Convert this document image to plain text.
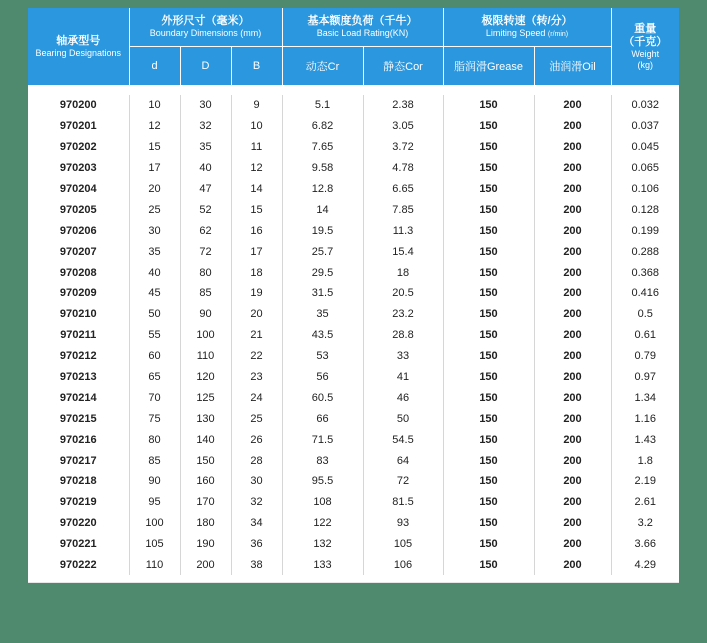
轴承型号
Bearing Designations	外形尺寸（毫米）
Boundary Dimensions (mm)			基本额度负荷（千牛）
Basic Load Rating(KN)		极限转速（转/分）
Limiting Speed (r/min)		重量
（千克）
Weight
(kg)

	d	D	B	动态Cr	静态Cor	脂润滑Grease	油润滑Oil	

970200	10	30	9	5.1	2.38	150	200	0.032
970201	12	32	10	6.82	3.05	150	200	0.037
970202	15	35	11	7.65	3.72	150	200	0.045
970203	17	40	12	9.58	4.78	150	200	0.065
970204	20	47	14	12.8	6.65	150	200	0.106
970205	25	52	15	14	7.85	150	200	0.128
970206	30	62	16	19.5	11.3	150	200	0.199
970207	35	72	17	25.7	15.4	150	200	0.288
970208	40	80	18	29.5	18	150	200	0.368
970209	45	85	19	31.5	20.5	150	200	0.416
970210	50	90	20	35	23.2	150	200	0.5
970211	55	100	21	43.5	28.8	150	200	0.61
970212	60	110	22	53	33	150	200	0.79
970213	65	120	23	56	41	150	200	0.97
970214	70	125	24	60.5	46	150	200	1.34
970215	75	130	25	66	50	150	200	1.16
970216	80	140	26	71.5	54.5	150	200	1.43
970217	85	150	28	83	64	150	200	1.8
970218	90	160	30	95.5	72	150	200	2.19
970219	95	170	32	108	81.5	150	200	2.61
970220	100	180	34	122	93	150	200	3.2
970221	105	190	36	132	105	150	200	3.66
970222	110	200	38	133	106	150	200	4.29
